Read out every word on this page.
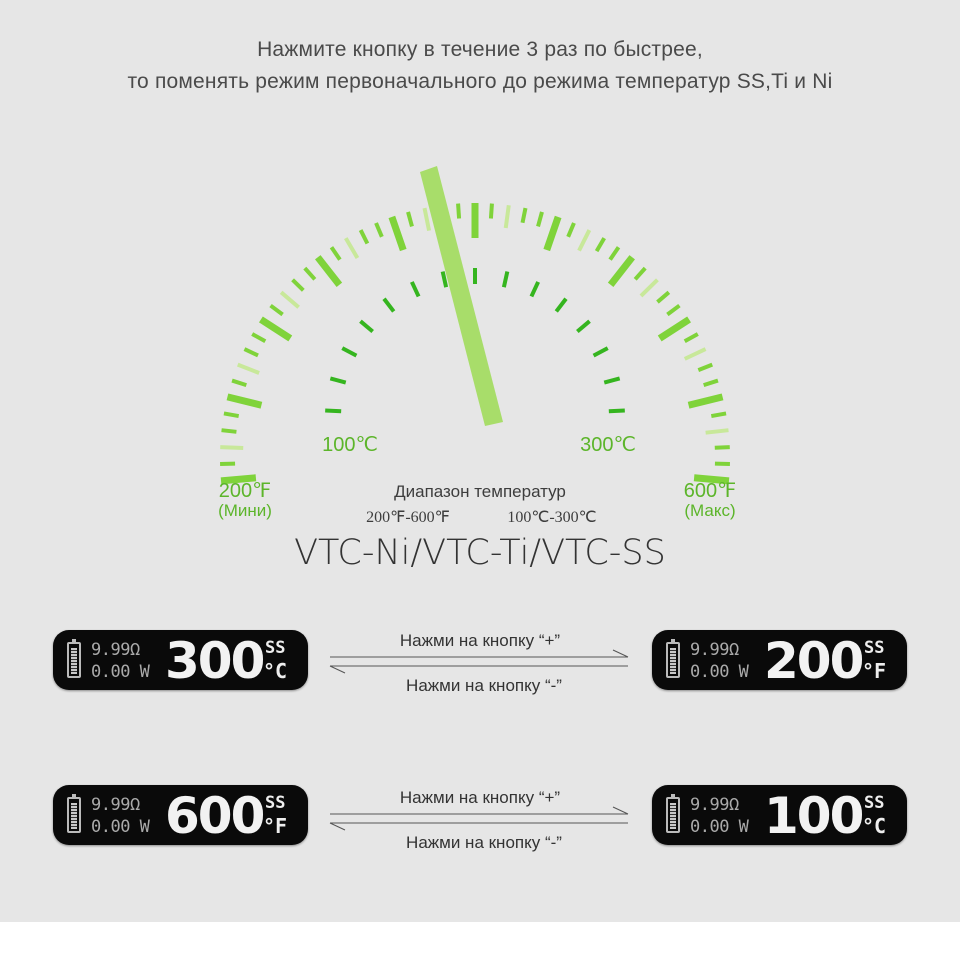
Нажмите кнопку в течение 3 раз по быстрее,
то поменять режим первоначального до режима температур SS,Ti и Ni
200℉
(Мини)
600℉
(Макс)
100℃	300℃
Диапазон температур
200℉-600℉	100℃-300℃
VTC-Ni/VTC-Ti/VTC-SS
9.99Ω
0.00 W 300 SS
°C
Нажми на кнопку “+”
Нажми на кнопку “-”
9.99Ω
0.00 W 200 SS
°F
9.99Ω
0.00 W 600 SS
°F
Нажми на кнопку “+”
Нажми на кнопку “-”
9.99Ω
0.00 W 100 SS
°C
